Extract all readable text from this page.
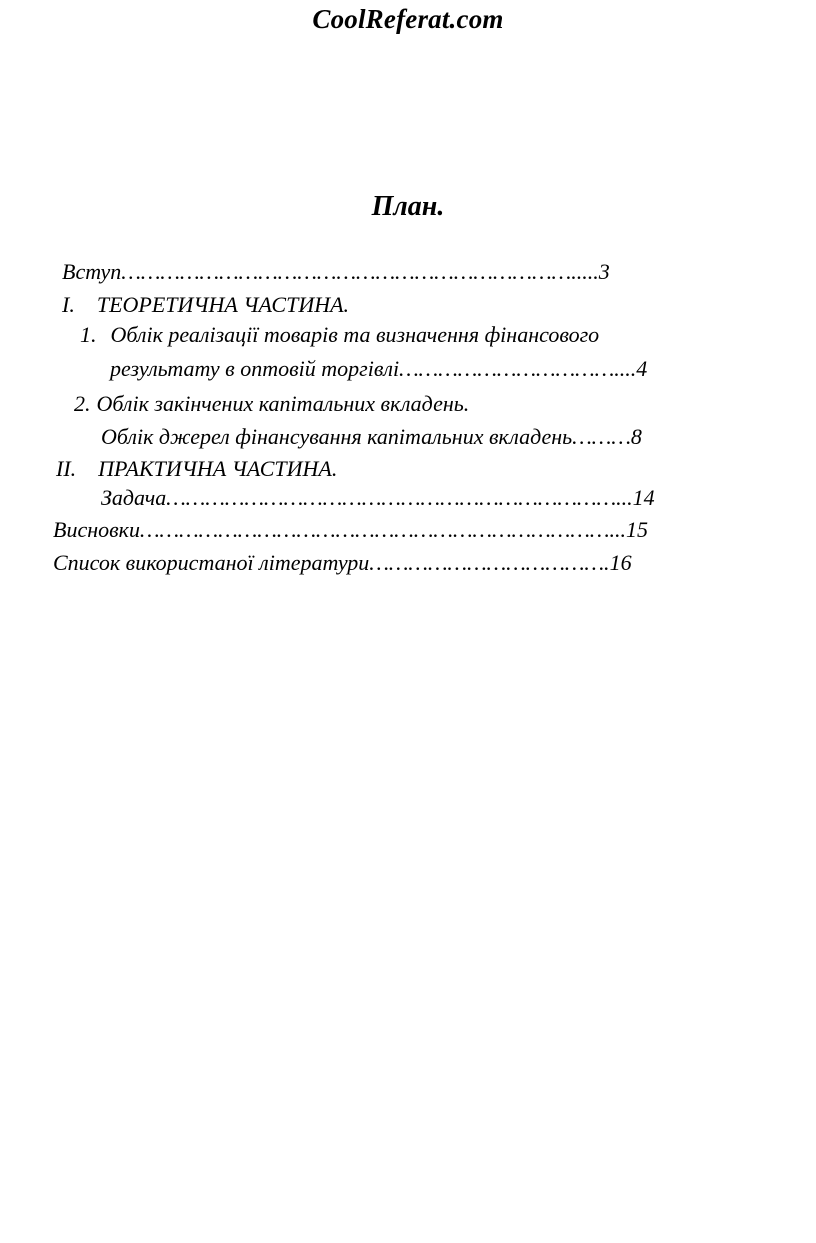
CoolReferat.com
План.
Вступ…………………………………………………………….....3
I. ТЕОРЕТИЧНА ЧАСТИНА.
1. Облік реалізації товарів та визначення фінансового
результату в оптовій торгівлі……………………………....4
2. Облік закінчених капітальних вкладень.
Облік джерел фінансування капітальних вкладень………8
II. ПРАКТИЧНА ЧАСТИНА.
Задача……………………………………………………………...14
Висновки………………………………………………………………...15
Список використаної літератури……………………………….16
